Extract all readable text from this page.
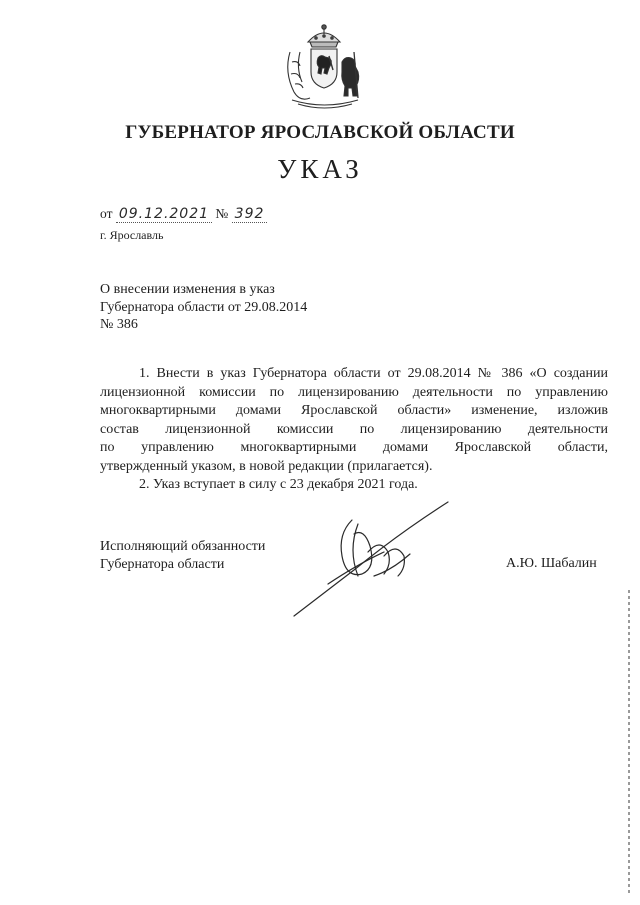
ГУБЕРНАТОР ЯРОСЛАВСКОЙ ОБЛАСТИ
УКАЗ
от 09.12.2021 № 392
г. Ярославль
О внесении изменения в указ
Губернатора области от 29.08.2014
№ 386
1. Внести в указ Губернатора области от 29.08.2014 № 386 «О создании
лицензионной комиссии по лицензированию деятельности по управлению
многоквартирными домами Ярославской области» изменение, изложив
состав лицензионной комиссии по лицензированию деятельности
по управлению многоквартирными домами Ярославской области,
утвержденный указом, в новой редакции (прилагается).
2. Указ вступает в силу с 23 декабря 2021 года.
Исполняющий обязанности
Губернатора области	А.Ю. Шабалин
